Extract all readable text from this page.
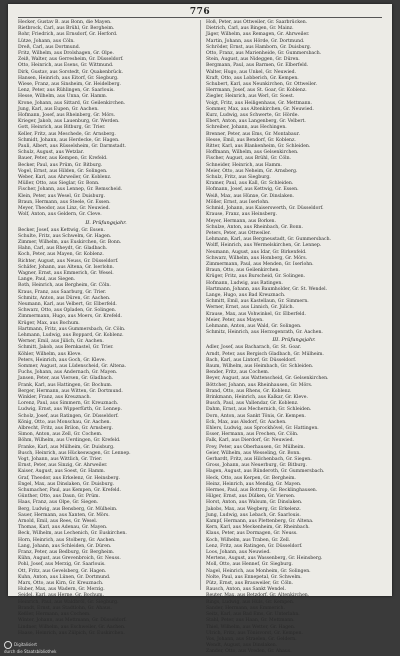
776
Hecker, Gustav B. aus Bonn, die Mayen.
Rietbrock, Carl, aus Brühl, Gr. Bergheim.
Rohr, Friedrich, aus Ernsdorf, Gr. Herford.
Lütze, Johann, aus Cöln.
Dreß, Carl, aus Dortmund.
Fritz, Wilhelm, aus Drolshagen, Gr. Olpe.
Zeiß, Walter, aus Gerresheim, Gr. Düsseldorf.
Otto, Heinrich, aus Esens, Gr. Wittmund.
Dirk, Gustav, aus Sorstedt, Gr. Quakenbrück.
Hansen, Heinrich, aus Eitorf, Gr. Siegburg.
Wiese, Franz, aus Sinsheim, Gr. Heidelberg.
Lenz, Peter, aus Rühlingen, Gr. Saarlouis.
Hesse, Wilhelm, aus Unna, Gr. Hamm.
Krone, Johann, aus Sittard, Gr. Geilenkirchen.
Jung, Karl, aus Eupen, Gr. Aachen.
Hofmann, Josef, aus Rheinberg, Gr. Mörs.
Krieger, Jakob, aus Lauenburg, Gr. Werden.
Gott, Heinrich, aus Bitburg, Gr. Trier.
Keller, Fritz, aus Meschede, Gr. Arnsberg.
Schmidt, Johann, aus Herdecke, Gr. Hagen.
Pauli, Albert, aus Rüsselsheim, Gr. Darmstadt.
Schulz, August, aus Wetzlar.
Bauer, Peter, aus Kempen, Gr. Krefeld.
Becker, Paul, aus Prüm, Gr. Bitburg.
Vogel, Ernst, aus Hilden, Gr. Solingen.
Weber, Karl, aus Ahrweiler, Gr. Koblenz.
Müller, Otto, aus Sieglar, Gr. Bonn.
Fischer, Johann, aus Lennep, Gr. Remscheid.
Klein, Peter, aus Wesel, Gr. Duisburg.
Braun, Hermann, aus Steele, Gr. Essen.
Meyer, Theodor, aus Linz, Gr. Neuwied.
Wolf, Anton, aus Geldern, Gr. Cleve.
II. Prüfungsjahr.
Becker, Josef, aus Kettwig, Gr. Essen.
Schulte, Fritz, aus Schwelm, Gr. Hagen.
Zimmer, Wilhelm, aus Euskirchen, Gr. Bonn.
Hahn, Carl, aus Rheydt, Gr. Gladbach.
Koch, Peter, aus Mayen, Gr. Koblenz.
Richter, August, aus Neuss, Gr. Düsseldorf.
Schäfer, Johann, aus Altena, Gr. Iserlohn.
Wagner, Ernst, aus Emmerich, Gr. Wesel.
Lange, Paul, aus Siegen.
Roth, Heinrich, aus Bergheim, Gr. Cöln.
Kraus, Franz, aus Saarburg, Gr. Trier.
Schmitz, Anton, aus Düren, Gr. Aachen.
Neumann, Karl, aus Velbert, Gr. Elberfeld.
Schwarz, Otto, aus Opladen, Gr. Solingen.
Zimmermann, Hugo, aus Moers, Gr. Krefeld.
Krüger, Max, aus Bochum.
Hartmann, Fritz, aus Gummersbach, Gr. Cöln.
Lehmann, Ludwig, aus Boppard, Gr. Koblenz.
Werner, Emil, aus Jülich, Gr. Aachen.
Schmitt, Jakob, aus Bernkastel, Gr. Trier.
Köhler, Wilhelm, aus Kleve.
Peters, Heinrich, aus Goch, Gr. Kleve.
Sommer, August, aus Lüdenscheid, Gr. Altena.
Fuchs, Johann, aus Andernach, Gr. Mayen.
Jansen, Peter, aus Viersen, Gr. Gladbach.
Frank, Karl, aus Hattingen, Gr. Bochum.
Berger, Hermann, aus Witten, Gr. Dortmund.
Winkler, Franz, aus Kreuznach.
Lorenz, Paul, aus Simmern, Gr. Kreuznach.
Ludwig, Ernst, aus Wipperfürth, Gr. Lennep.
Scholz, Josef, aus Ratingen, Gr. Düsseldorf.
König, Otto, aus Monschau, Gr. Aachen.
Albrecht, Fritz, aus Brilon, Gr. Arnsberg.
Simon, Anton, aus Zell, Gr. Cochem.
Böhm, Wilhelm, aus Uerdingen, Gr. Krefeld.
Franke, Karl, aus Mülheim, Gr. Duisburg.
Busch, Heinrich, aus Hückeswagen, Gr. Lennep.
Vogt, Johann, aus Wittlich, Gr. Trier.
Ernst, Peter, aus Sinzig, Gr. Ahrweiler.
Kaiser, August, aus Soest, Gr. Hamm.
Graf, Theodor, aus Erkelenz, Gr. Heinsberg.
Engel, Max, aus Dinslaken, Gr. Duisburg.
Schumacher, Paul, aus Kempen, Gr. Krefeld.
Günther, Otto, aus Daun, Gr. Prüm.
Haas, Franz, aus Olpe, Gr. Siegen.
Berg, Ludwig, aus Bensberg, Gr. Mülheim.
Sauer, Hermann, aus Xanten, Gr. Mörs.
Arnold, Emil, aus Rees, Gr. Wesel.
Thomas, Karl, aus Adenau, Gr. Mayen.
Beck, Wilhelm, aus Lechenich, Gr. Euskirchen.
Horn, Heinrich, aus Stolberg, Gr. Aachen.
Lang, Johann, aus Schleiden, Gr. Düren.
Franz, Peter, aus Bedburg, Gr. Bergheim.
Kühn, August, aus Grevenbroich, Gr. Neuss.
Pohl, Josef, aus Merzig, Gr. Saarlouis.
Ott, Fritz, aus Gevelsberg, Gr. Hagen.
Kuhn, Anton, aus Lünen, Gr. Dortmund.
Marx, Otto, aus Kirn, Gr. Kreuznach.
Huber, Max, aus Wadern, Gr. Merzig.
Seidel, Karl, aus Herne, Gr. Bochum.
Heinrich, Paul, aus Waldbröl, Gr. Siegburg.
Brandt, Ernst, aus Stadtlohn, Gr. Ahaus.
Keßler, Hermann, aus Cochem.
Winter, Johann, aus Mettmann, Gr. Düsseldorf.
Lindner, Wilhelm, aus Eschweiler, Gr. Aachen.
Haase, Heinrich, aus Zülpich, Gr. Euskirchen.
Hoß, Peter, aus Ottweiler, Gr. Saarbrücken.
Dietrich, Carl, aus Bingen, Gr. Mainz.
Jäger, Wilhelm, aus Remagen, Gr. Ahrweiler.
Martin, Johann, aus Hörde, Gr. Dortmund.
Schröder, Ernst, aus Hamborn, Gr. Duisburg.
Otto, Franz, aus Marienheide, Gr. Gummersbach.
Stein, August, aus Nideggen, Gr. Düren.
Bergmann, Paul, aus Barmen, Gr. Elberfeld.
Walter, Hugo, aus Unkel, Gr. Neuwied.
Kraft, Otto, aus Lobberich, Gr. Kempen.
Schubert, Karl, aus Neunkirchen, Gr. Ottweiler.
Herrmann, Josef, aus St. Goar, Gr. Koblenz.
Ziegler, Heinrich, aus Werl, Gr. Soest.
Voigt, Fritz, aus Heiligenhaus, Gr. Mettmann.
Sommer, Max, aus Altenkirchen, Gr. Neuwied.
Kurz, Ludwig, aus Schwerte, Gr. Hörde.
Ebert, Anton, aus Langenberg, Gr. Velbert.
Schreiber, Johann, aus Hechingen.
Brenner, Peter, aus Ems, Gr. Montabaur.
Hesse, Emil, aus Bendorf, Gr. Koblenz.
Ritter, Karl, aus Blankenheim, Gr. Schleiden.
Hoffmann, Wilhelm, aus Gelsenkirchen.
Fischer, August, aus Brühl, Gr. Cöln.
Schneider, Heinrich, aus Hamm.
Meier, Otto, aus Neheim, Gr. Arnsberg.
Schulz, Fritz, aus Siegburg.
Kramer, Paul, aus Kall, Gr. Schleiden.
Hofmann, Josef, aus Kettwig, Gr. Essen.
Weiß, Max, aus Hünxe, Gr. Dinslaken.
Möller, Ernst, aus Iserlohn.
Schmid, Johann, aus Kaiserswerth, Gr. Düsseldorf.
Krause, Franz, aus Heinsberg.
Meyer, Hermann, aus Borken.
Schulze, Anton, aus Rheinbach, Gr. Bonn.
Peters, Peter, aus Ottweiler.
Lehmann, Karl, aus Bergneustadt, Gr. Gummersbach.
Wolff, Heinrich, aus Wermelskirchen, Gr. Lennep.
Neumann, August, aus Idar, Gr. Birkenfeld.
Schwarz, Wilhelm, aus Homberg, Gr. Mörs.
Zimmermann, Paul, aus Menden, Gr. Iserlohn.
Braun, Otto, aus Geilenkirchen.
Krüger, Fritz, aus Burscheid, Gr. Solingen.
Hofmann, Ludwig, aus Ratingen.
Hartmann, Johann, aus Baumholder, Gr. St. Wendel.
Lange, Hugo, aus Bad Kreuznach.
Schmitt, Emil, aus Kastellaun, Gr. Simmern.
Werner, Ernst, aus Linnich, Gr. Jülich.
Krause, Max, aus Vohwinkel, Gr. Elberfeld.
Meier, Peter, aus Mayen.
Lehmann, Anton, aus Wald, Gr. Solingen.
Schmitz, Heinrich, aus Herzogenrath, Gr. Aachen.
III. Prüfungsjahr.
Adler, Josef, aus Bacharach, Gr. St. Goar.
Arndt, Peter, aus Bergisch Gladbach, Gr. Mülheim.
Bach, Karl, aus Lintorf, Gr. Düsseldorf.
Baum, Wilhelm, aus Heimbach, Gr. Schleiden.
Bender, Fritz, aus Cochem.
Beyer, August, aus Wattenscheid, Gr. Gelsenkirchen.
Böttcher, Johann, aus Rheinhausen, Gr. Mörs.
Brand, Otto, aus Rhens, Gr. Koblenz.
Brinkmann, Heinrich, aus Kalkar, Gr. Kleve.
Busch, Paul, aus Vallendar, Gr. Koblenz.
Dahm, Ernst, aus Mechernich, Gr. Schleiden.
Dorn, Anton, aus Sankt Tönis, Gr. Kempen.
Eck, Max, aus Alsdorf, Gr. Aachen.
Ehlers, Ludwig, aus Sprockhövel, Gr. Hattingen.
Esser, Hermann, aus Frechen, Gr. Cöln.
Falk, Karl, aus Dierdorf, Gr. Neuwied.
Frey, Peter, aus Oberhausen, Gr. Mülheim.
Geier, Wilhelm, aus Wesseling, Gr. Bonn.
Gerhardt, Fritz, aus Hilchenbach, Gr. Siegen.
Gross, Johann, aus Neuerburg, Gr. Bitburg.
Hagen, August, aus Ründeroth, Gr. Gummersbach.
Heck, Otto, aus Kerpen, Gr. Bergheim.
Heinz, Heinrich, aus Mendig, Gr. Mayen.
Hermes, Paul, aus Bottrop, Gr. Recklinghausen.
Hilger, Ernst, aus Dülken, Gr. Viersen.
Horst, Anton, aus Walsum, Gr. Dinslaken.
Jakobs, Max, aus Wegberg, Gr. Erkelenz.
Jung, Ludwig, aus Lebach, Gr. Saarlouis.
Kampf, Hermann, aus Plettenberg, Gr. Altena.
Kern, Karl, aus Meckenheim, Gr. Rheinbach.
Klaus, Peter, aus Dormagen, Gr. Neuss.
Koch, Wilhelm, aus Traben, Gr. Zell.
Lenz, Fritz, aus Ratingen, Gr. Düsseldorf.
Loos, Johann, aus Neuwied.
Mertens, August, aus Wassenberg, Gr. Heinsberg.
Moll, Otto, aus Hennef, Gr. Siegburg.
Nagel, Heinrich, aus Monheim, Gr. Solingen.
Nolte, Paul, aus Ennepetal, Gr. Schwelm.
Pütz, Ernst, aus Brauweiler, Gr. Cöln.
Rausch, Anton, aus Sankt Wendel.
Reuter, Max, aus Betzdorf, Gr. Altenkirchen.
Rings, Ludwig, aus Hüls, Gr. Kempen.
Sander, Hermann, aus Emmerich.
Seitz, Karl, aus Bad Ems, Gr. Unterlahn.
Stahl, Peter, aus Haan, Gr. Mettmann.
Thiel, Wilhelm, aus Wetter, Gr. Hagen.
Ulrich, Fritz, aus Tönisvorst, Gr. Kempen.
Vos, Johann, aus Straelen, Gr. Geldern.
Wendt, August, aus Dinslaken.
Zander, Otto, aus Vreden, Gr. Ahaus.
Digitalisiert
durch die Staatsbibliothek
